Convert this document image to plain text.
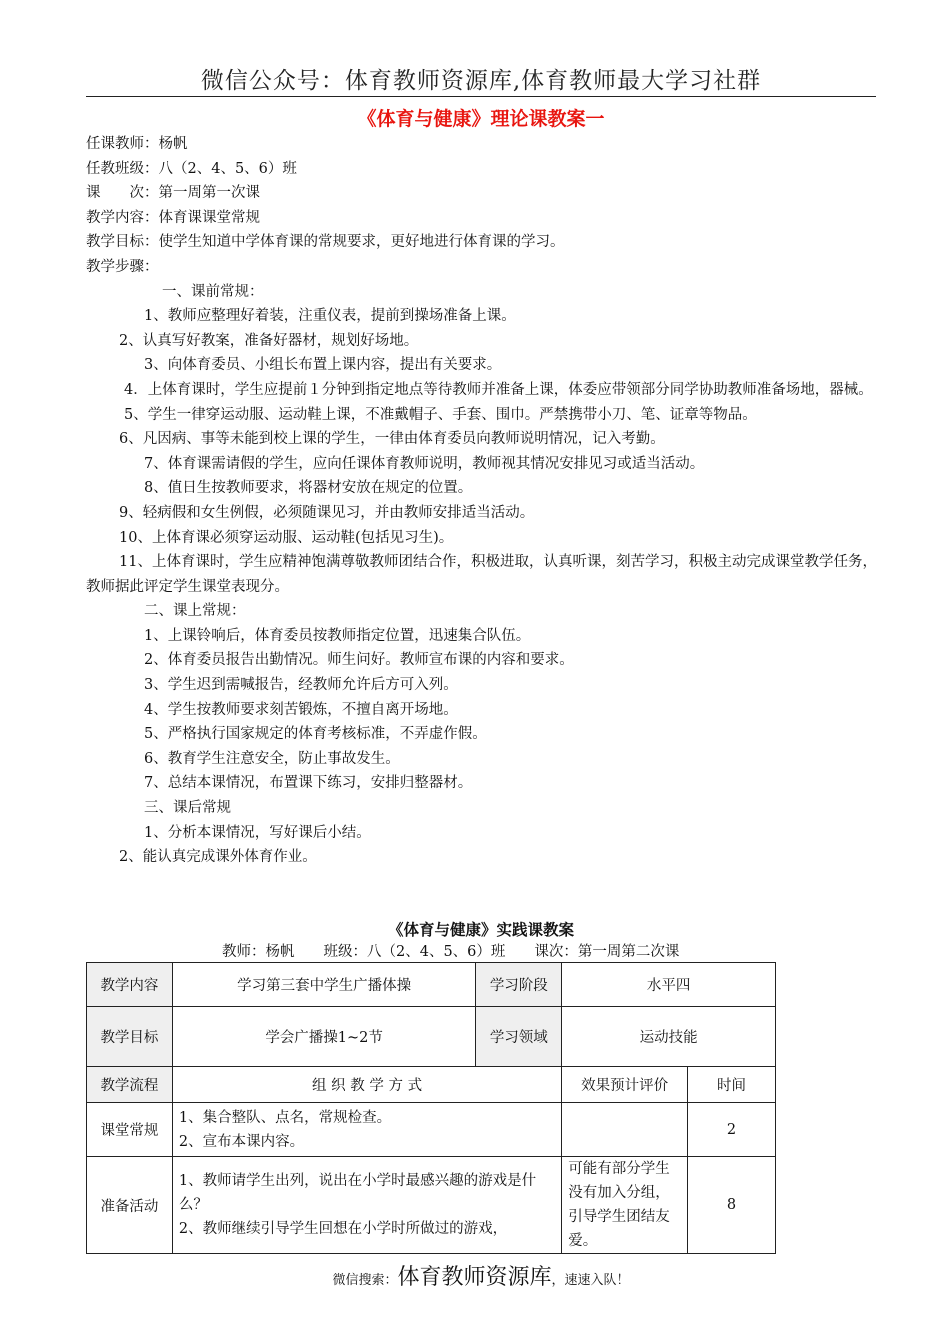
微信公众号：体育教师资源库,体育教师最大学习社群
《体育与健康》理论课教案一
任课教师：杨帆
任教班级：八（2、4、5、6）班
课　　次：第一周第一次课
教学内容：体育课课堂常规
教学目标：使学生知道中学体育课的常规要求，更好地进行体育课的学习。
教学步骤：
一、课前常规：
1、教师应整理好着装，注重仪表，提前到操场准备上课。
2、认真写好教案，准备好器材，规划好场地。
3、向体育委员、小组长布置上课内容，提出有关要求。
4．上体育课时，学生应提前１分钟到指定地点等待教师并准备上课，体委应带领部分同学协助教师准备场地，器械。
5、学生一律穿运动服、运动鞋上课，不准戴帽子、手套、围巾。严禁携带小刀、笔、证章等物品。
6、凡因病、事等未能到校上课的学生，一律由体育委员向教师说明情况，记入考勤。
7、体育课需请假的学生，应向任课体育教师说明，教师视其情况安排见习或适当活动。
8、值日生按教师要求，将器材安放在规定的位置。
9、轻病假和女生例假，必须随课见习，并由教师安排适当活动。
10、上体育课必须穿运动服、运动鞋(包括见习生)。
11、上体育课时，学生应精神饱满尊敬教师团结合作，积极进取，认真听课，刻苦学习，积极主动完成课堂教学任务，教师据此评定学生课堂表现分。
二、课上常规：
1、上课铃响后，体育委员按教师指定位置，迅速集合队伍。
2、体育委员报告出勤情况。师生问好。教师宣布课的内容和要求。
3、学生迟到需喊报告，经教师允许后方可入列。
4、学生按教师要求刻苦锻炼，不擅自离开场地。
5、严格执行国家规定的体育考核标准，不弄虚作假。
6、教育学生注意安全，防止事故发生。
7、总结本课情况，布置课下练习，安排归整器材。
三、课后常规
1、分析本课情况，写好课后小结。
2、能认真完成课外体育作业。
《体育与健康》实践课教案
教师：杨帆　　班级：八（2、4、5、6）班　　课次：第一周第二次课
教学内容	学习第三套中学生广播体操	学习阶段	水平四	
教学目标	学会广播操1~2节	学习领域	运动技能	
教学流程	组 织 教 学 方 式		效果预计评价	时间
课堂常规	1、集合整队、点名，常规检查。
2、宣布本课内容。			2
准备活动	1、教师请学生出列，说出在小学时最感兴趣的游戏是什么？
2、教师继续引导学生回想在小学时所做过的游戏，		可能有部分学生没有加入分组，引导学生团结友爱。	8
微信搜索：体育教师资源库，速速入队！
